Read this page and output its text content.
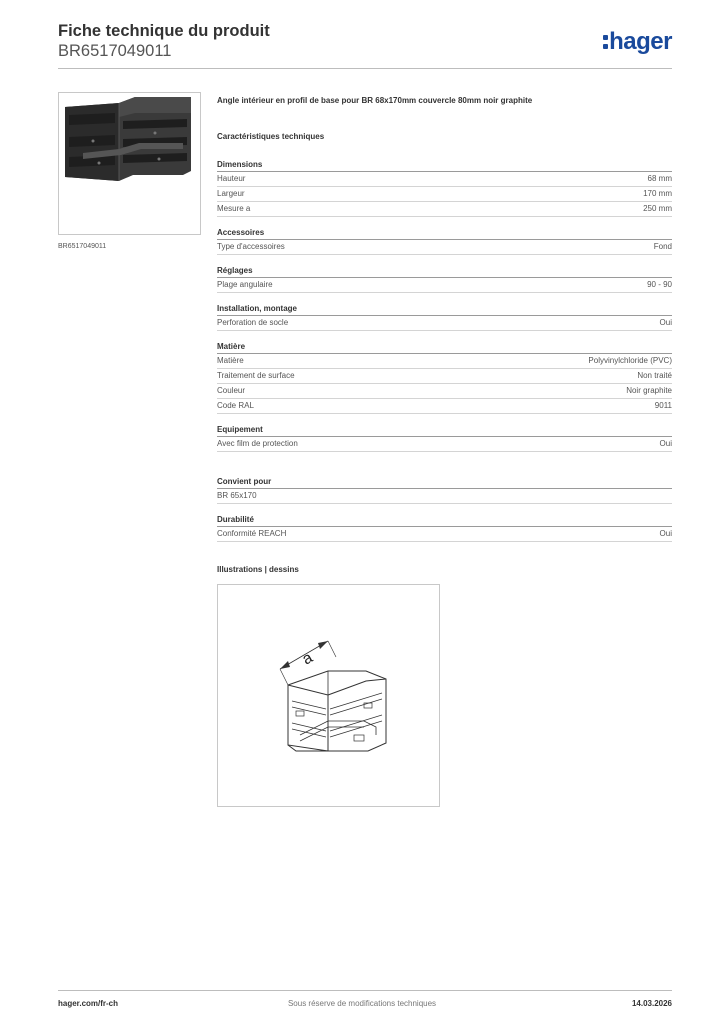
Fiche technique du produit
BR6517049011	hager
BR6517049011

Angle intérieur en profil de base pour BR 68x170mm couvercle 80mm noir graphite

Caractéristiques techniques
Dimensions
Hauteur	68 mm
Largeur	170 mm
Mesure a	250 mm
Accessoires
Type d'accessoires	Fond
Réglages
Plage angulaire	90 - 90
Installation, montage
Perforation de socle	Oui
Matière
Matière	Polyvinylchloride (PVC)
Traitement de surface	Non traité
Couleur	Noir graphite
Code RAL	9011
Equipement
Avec film de protection	Oui
Convient pour
BR 65x170
Durabilité
Conformité REACH	Oui
Illustrations | dessins
a
hager.com/fr-ch	Sous réserve de modifications techniques	14.03.2026
